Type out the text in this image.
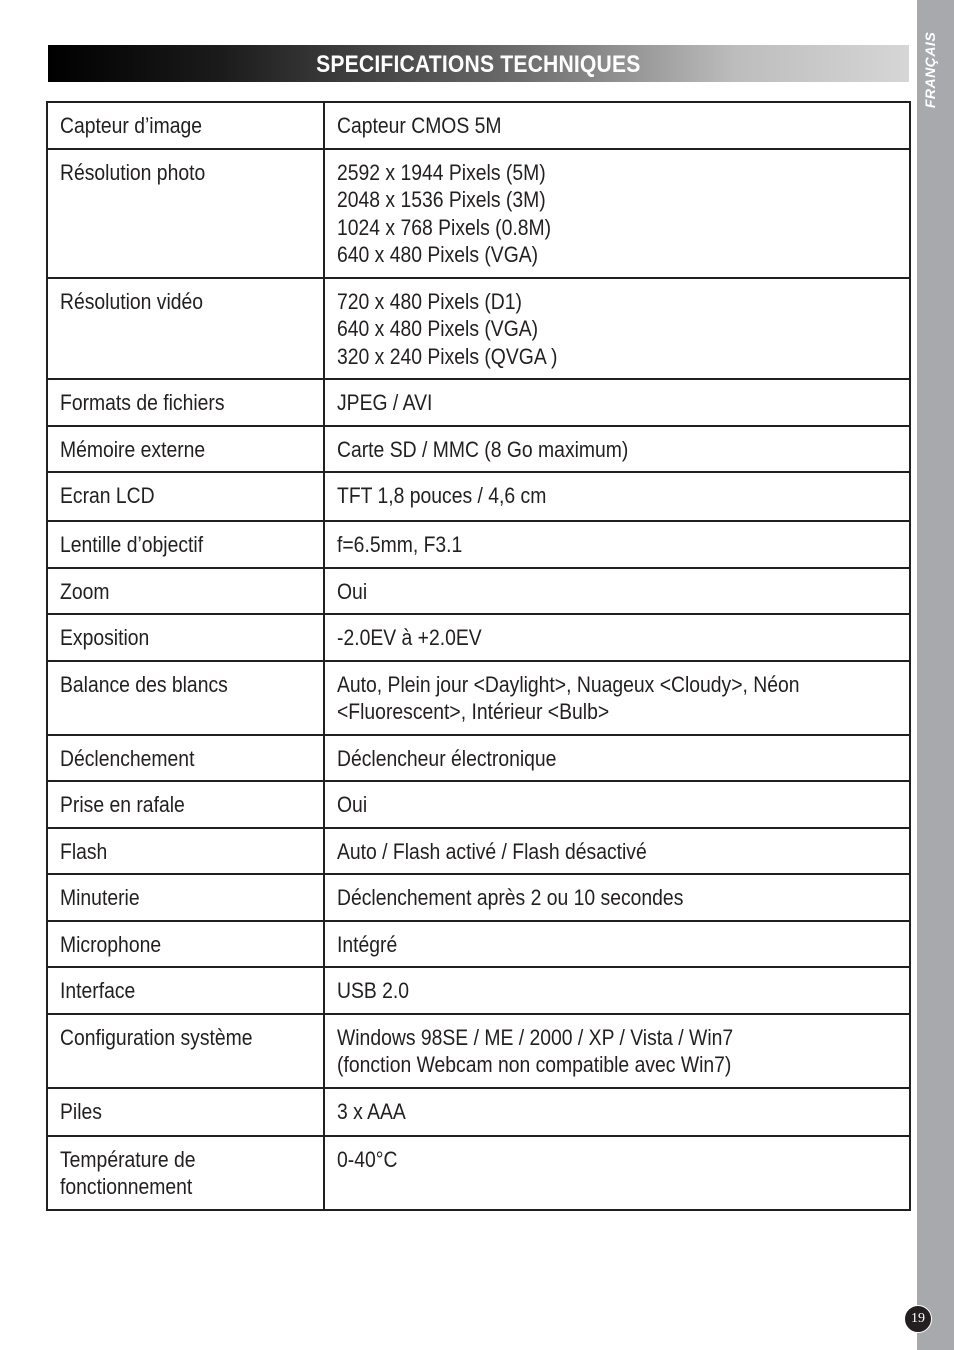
FRANÇAIS
SPECIFICATIONS TECHNIQUES
Capteur d’image	Capteur CMOS 5M
Résolution photo	2592 x 1944 Pixels (5M)
2048 x 1536 Pixels (3M)
1024 x 768 Pixels (0.8M)
640 x 480 Pixels (VGA)
Résolution vidéo	720 x 480 Pixels (D1)
640 x 480 Pixels (VGA)
320 x 240 Pixels (QVGA )
Formats de fichiers	JPEG / AVI
Mémoire externe	Carte SD / MMC (8 Go maximum)
Ecran LCD	TFT 1,8 pouces / 4,6 cm
Lentille d’objectif	f=6.5mm, F3.1
Zoom	Oui
Exposition	-2.0EV à +2.0EV
Balance des blancs	Auto, Plein jour <Daylight>, Nuageux <Cloudy>, Néon
<Fluorescent>, Intérieur <Bulb>
Déclenchement	Déclencheur électronique
Prise en rafale	Oui
Flash	Auto / Flash activé / Flash désactivé
Minuterie	Déclenchement après 2 ou 10 secondes
Microphone	Intégré
Interface	USB 2.0
Configuration système	Windows 98SE / ME / 2000 / XP / Vista / Win7
(fonction Webcam non compatible avec Win7)
Piles	3 x AAA
Température de
fonctionnement	0-40°C
19
